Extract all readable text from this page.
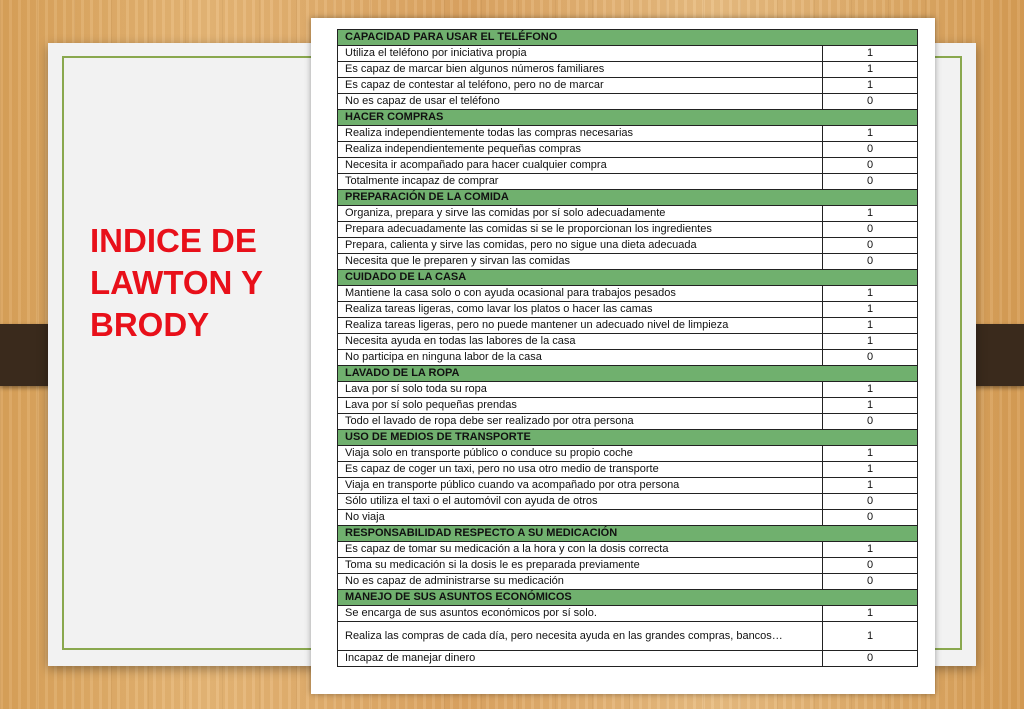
INDICE DE LAWTON Y BRODY
CAPACIDAD PARA USAR EL TELÉFONO	
Utiliza el teléfono por iniciativa propia	1
Es capaz de marcar bien algunos números familiares	1
Es capaz de contestar al teléfono, pero no de marcar	1
No es capaz de usar el teléfono	0
HACER COMPRAS	
Realiza independientemente todas las compras necesarias	1
Realiza independientemente pequeñas compras	0
Necesita ir acompañado para hacer cualquier compra	0
Totalmente incapaz de comprar	0
PREPARACIÓN DE LA COMIDA	
Organiza, prepara y sirve las comidas por sí solo adecuadamente	1
Prepara adecuadamente las comidas si se le proporcionan los ingredientes	0
Prepara, calienta y sirve las comidas, pero no sigue una dieta adecuada	0
Necesita que le preparen y sirvan las comidas	0
CUIDADO DE LA CASA	
Mantiene la casa solo o con ayuda ocasional para trabajos pesados	1
Realiza tareas ligeras, como lavar los platos o hacer las camas	1
Realiza tareas ligeras, pero no puede mantener un adecuado nivel de limpieza	1
Necesita ayuda en todas las labores de la casa	1
No participa en ninguna labor de la casa	0
LAVADO DE LA ROPA	
Lava por sí solo toda su ropa	1
Lava por sí solo pequeñas prendas	1
Todo el lavado de ropa debe ser realizado por otra persona	0
USO DE MEDIOS DE TRANSPORTE	
Viaja solo en transporte público o conduce su propio coche	1
Es capaz de coger un taxi, pero no usa otro medio de transporte	1
Viaja en transporte público cuando va acompañado por otra persona	1
Sólo utiliza el taxi o el automóvil con ayuda de otros	0
No viaja	0
RESPONSABILIDAD RESPECTO A SU MEDICACIÓN	
Es capaz de tomar su medicación a la hora y con la dosis correcta	1
Toma su medicación si la dosis le es preparada previamente	0
No es capaz de administrarse su medicación	0
MANEJO DE SUS ASUNTOS ECONÓMICOS	
Se encarga de sus asuntos económicos por sí solo.	1
Realiza las compras de cada día, pero necesita ayuda en las grandes compras, bancos…	1
Incapaz de manejar dinero	0
